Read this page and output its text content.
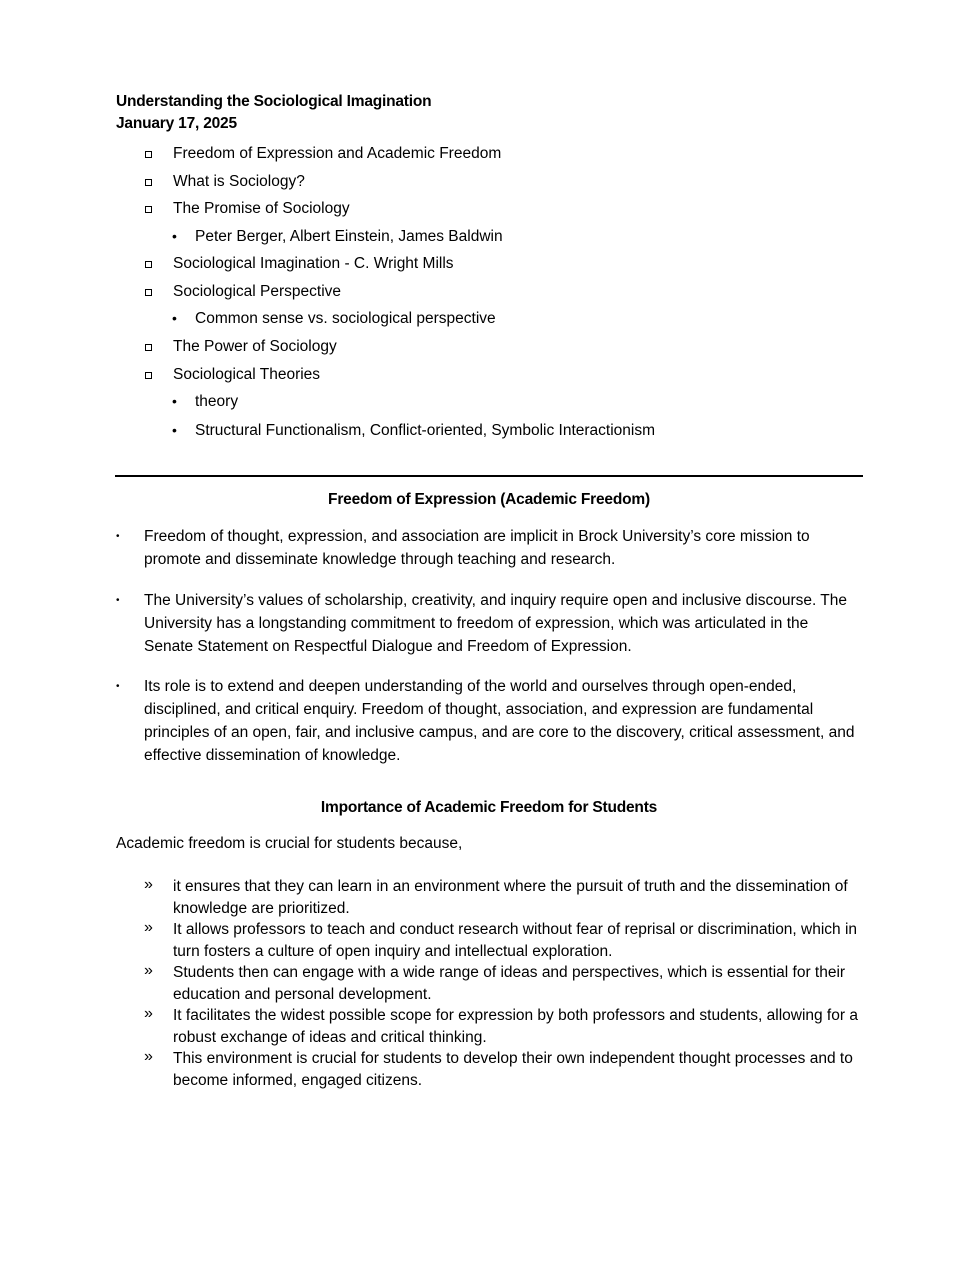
Understanding the Sociological Imagination
January 17, 2025
Freedom of Expression and Academic Freedom
What is Sociology?
The Promise of Sociology
• Peter Berger, Albert Einstein, James Baldwin
Sociological Imagination - C. Wright Mills
Sociological Perspective
• Common sense vs. sociological perspective
The Power of Sociology
Sociological Theories
• theory
• Structural Functionalism, Conflict-oriented, Symbolic Interactionism
Freedom of Expression (Academic Freedom)
• Freedom of thought, expression, and association are implicit in Brock University’s core mission to promote and disseminate knowledge through teaching and research.
• The University’s values of scholarship, creativity, and inquiry require open and inclusive discourse. The University has a longstanding commitment to freedom of expression, which was articulated in the Senate Statement on Respectful Dialogue and Freedom of Expression.
• Its role is to extend and deepen understanding of the world and ourselves through open-ended, disciplined, and critical enquiry. Freedom of thought, association, and expression are fundamental principles of an open, fair, and inclusive campus, and are core to the discovery, critical assessment, and effective dissemination of knowledge.
Importance of Academic Freedom for Students
Academic freedom is crucial for students because,
» it ensures that they can learn in an environment where the pursuit of truth and the dissemination of knowledge are prioritized.
» It allows professors to teach and conduct research without fear of reprisal or discrimination, which in turn fosters a culture of open inquiry and intellectual exploration.
» Students then can engage with a wide range of ideas and perspectives, which is essential for their education and personal development.
» It facilitates the widest possible scope for expression by both professors and students, allowing for a robust exchange of ideas and critical thinking.
» This environment is crucial for students to develop their own independent thought processes and to become informed, engaged citizens.
